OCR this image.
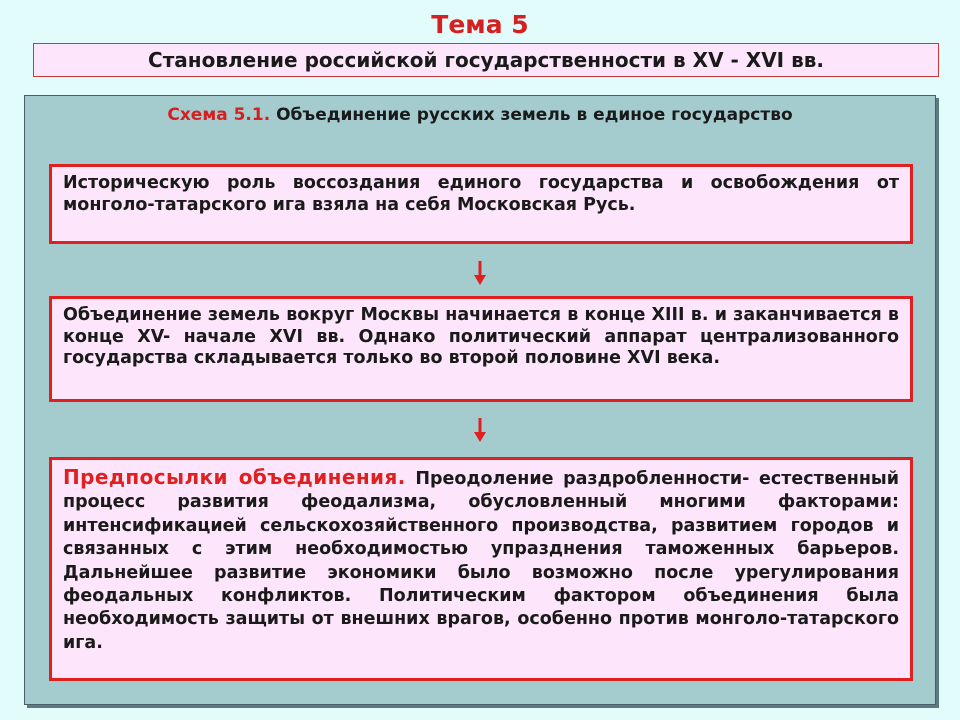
Тема 5
Становление российской государственности в XV - XVI вв.
Схема 5.1. Объединение русских земель в единое государство
Историческую роль воссоздания единого государства и освобождения от монголо-татарского ига взяла на себя Московская Русь.
Объединение земель вокруг Москвы начинается в конце XIII в. и заканчивается в конце XV- начале XVI вв. Однако политический аппарат централизованного государства складывается только во второй половине XVI века.
Предпосылки объединения. Преодоление раздробленности- естественный процесс развития феодализма, обусловленный многими факторами: интенсификацией сельскохозяйственного производства, развитием городов и связанных с этим необходимостью упразднения таможенных барьеров. Дальнейшее развитие экономики было возможно после урегулирования феодальных конфликтов. Политическим фактором объединения была необходимость защиты от внешних врагов, особенно против монголо-татарского ига.
